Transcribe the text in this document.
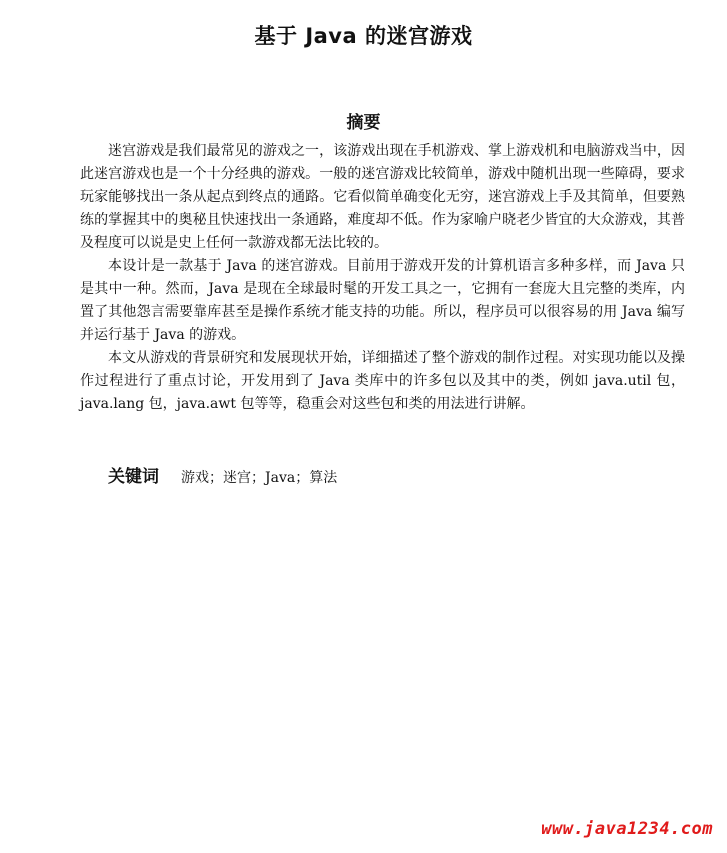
基于 Java 的迷宫游戏
摘要

迷宫游戏是我们最常见的游戏之一，该游戏出现在手机游戏、掌上游戏机和电脑游戏当中，因此迷宫游戏也是一个十分经典的游戏。一般的迷宫游戏比较简单，游戏中随机出现一些障碍，要求玩家能够找出一条从起点到终点的通路。它看似简单确变化无穷，迷宫游戏上手及其简单，但要熟练的掌握其中的奥秘且快速找出一条通路，难度却不低。作为家喻户晓老少皆宜的大众游戏，其普及程度可以说是史上任何一款游戏都无法比较的。

本设计是一款基于 Java 的迷宫游戏。目前用于游戏开发的计算机语言多种多样，而 Java 只是其中一种。然而，Java 是现在全球最时髦的开发工具之一，它拥有一套庞大且完整的类库，内置了其他怨言需要靠库甚至是操作系统才能支持的功能。所以，程序员可以很容易的用 Java 编写并运行基于 Java 的游戏。

本文从游戏的背景研究和发展现状开始，详细描述了整个游戏的制作过程。对实现功能以及操作过程进行了重点讨论，开发用到了 Java 类库中的许多包以及其中的类，例如 java.util 包，java.lang 包，java.awt 包等等，稳重会对这些包和类的用法进行讲解。

关键词 游戏；迷宫；Java；算法
www.java1234.com
